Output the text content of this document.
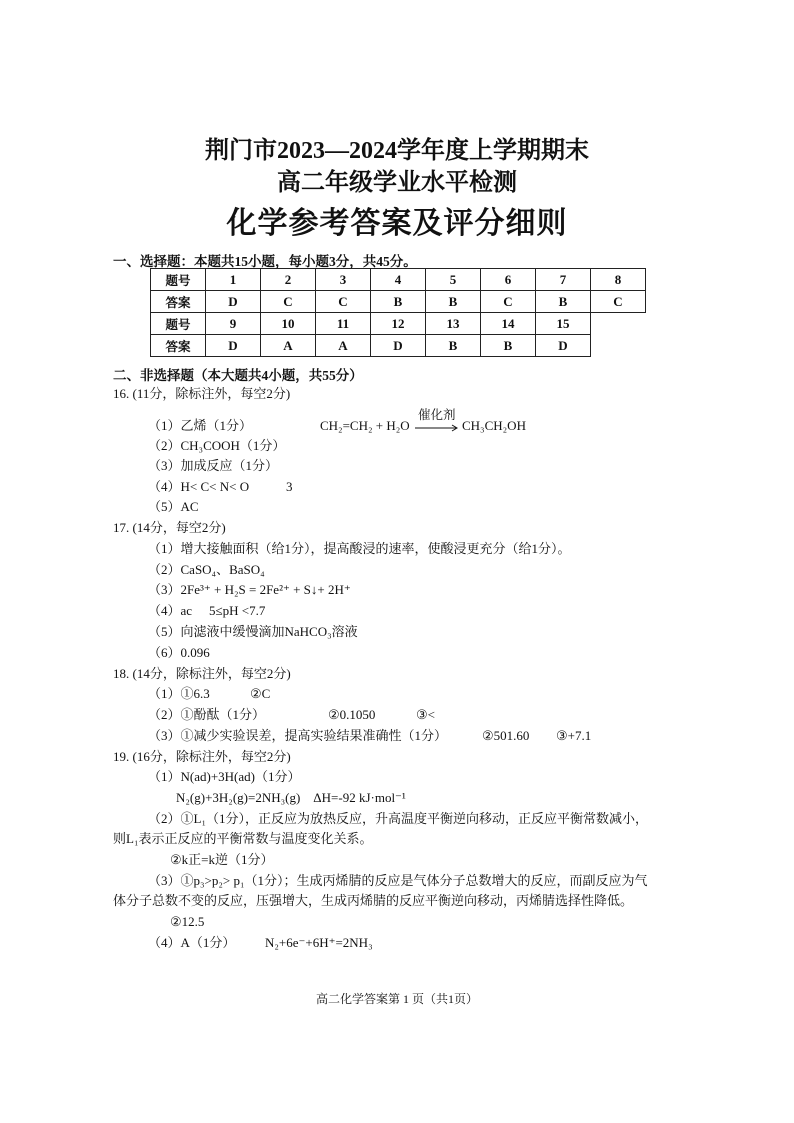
荆门市2023—2024学年度上学期期末
高二年级学业水平检测
化学参考答案及评分细则
一、选择题：本题共15小题，每小题3分，共45分。
题号	1	2	3	4	5	6	7	8
答案	D	C	C	B	B	C	B	C
题号	9	10	11	12	13	14	15	
答案	D	A	A	D	B	B	D	
二、非选择题（本大题共4小题，共55分）
16. (11分，除标注外，每空2分)
（1）乙烯（1分）	CH₂=CH₂ + H₂O
催化剂
→ CH₃CH₂OH
（2）CH₃COOH（1分）
（3）加成反应（1分）
（4）H< C< N< O	3
（5）AC
17. (14分，每空2分)
（1）增大接触面积（给1分），提高酸浸的速率，使酸浸更充分（给1分）。
（2）CaSO₄、BaSO₄
（3）2Fe³⁺ + H₂S = 2Fe²⁺ + S↓+ 2H⁺
（4）ac 5≤pH <7.7
（5）向滤液中缓慢滴加NaHCO₃溶液
（6）0.096
18. (14分，除标注外，每空2分)
（1）①6.3	②C
（2）①酚酞（1分）	②0.1050	③<
（3）①减少实验误差，提高实验结果准确性（1分）	②501.60 ③+7.1
19. (16分，除标注外，每空2分)
（1）N(ad)+3H(ad)（1分）
N₂(g)+3H₂(g)=2NH₃(g)　ΔH=-92 kJ·mol⁻¹
（2）①L₁（1分），正反应为放热反应，升高温度平衡逆向移动，正反应平衡常数减小，
则L₁表示正反应的平衡常数与温度变化关系。
②k正=k逆（1分）
（3）①p₃>p₂> p₁（1分）；生成丙烯腈的反应是气体分子总数增大的反应，而副反应为气
体分子总数不变的反应，压强增大，生成丙烯腈的反应平衡逆向移动，丙烯腈选择性降低。
②12.5
（4）A（1分） N₂+6e⁻+6H⁺=2NH₃
高二化学答案第 1 页（共1页）
